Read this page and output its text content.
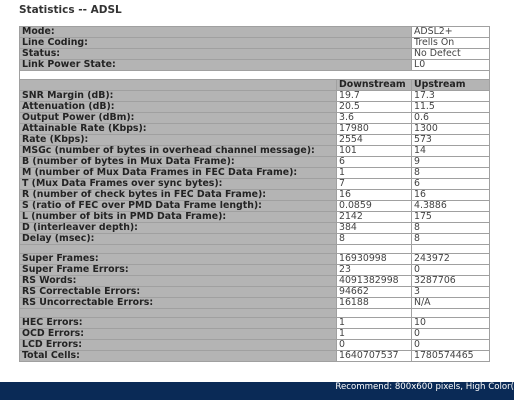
Statistics -- ADSL
Mode:		ADSL2+
Line Coding:		Trells On
Status:		No Defect
Link Power State:		L0

	Downstream	Upstream
SNR Margin (dB):	19.7	17.3
Attenuation (dB):	20.5	11.5
Output Power (dBm):	3.6	0.6
Attainable Rate (Kbps):	17980	1300
Rate (Kbps):	2554	573
MSGc (number of bytes in overhead channel message):	101	14
B (number of bytes in Mux Data Frame):	6	9
M (number of Mux Data Frames in FEC Data Frame):	1	8
T (Mux Data Frames over sync bytes):	7	6
R (number of check bytes in FEC Data Frame):	16	16
S (ratio of FEC over PMD Data Frame length):	0.0859	4.3886
L (number of bits in PMD Data Frame):	2142	175
D (interleaver depth):	384	8
Delay (msec):	8	8

Super Frames:	16930998	243972
Super Frame Errors:	23	0
RS Words:	4091382998	3287706
RS Correctable Errors:	94662	3
RS Uncorrectable Errors:	16188	N/A

HEC Errors:	1	10
OCD Errors:	1	0
LCD Errors:	0	0
Total Cells:	1640707537	1780574465
Recommend: 800x600 pixels, High Color(
